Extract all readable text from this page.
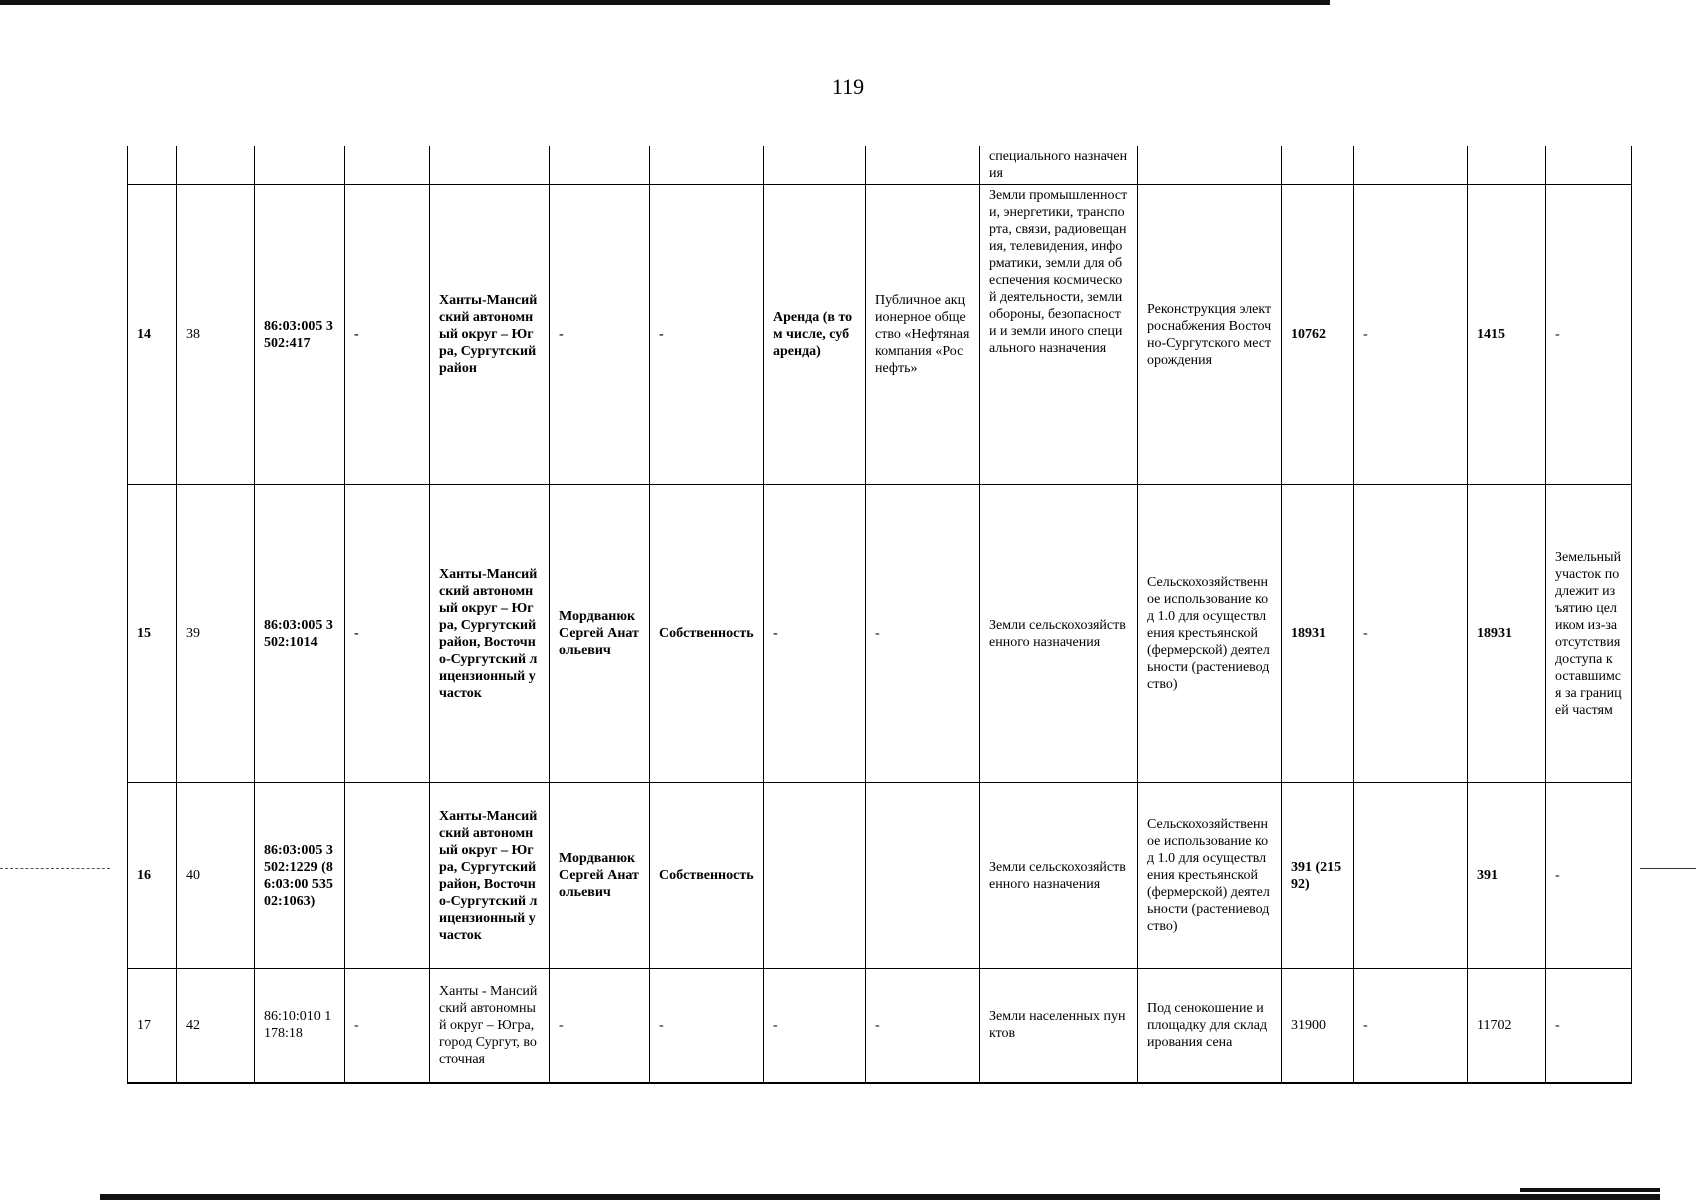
119
									специального назначения					
14	38	86:03:005 3502:417	-	Ханты-Мансийский автономный округ – Югра, Сургутский район	-	-	Аренда (в том числе, субаренда)	Публичное акционерное общество «Нефтяная компания «Роснефть»	Земли промышленности, энергетики, транспорта, связи, радиовещания, телевидения, информатики, земли для обеспечения космической деятельности, земли обороны, безопасности и земли иного специального назначения	Реконструкция электроснабжения Восточно-Сургутского месторождения	10762	-	1415	-
15	39	86:03:005 3502:1014	-	Ханты-Мансийский автономный округ – Югра, Сургутский район, Восточно-Сургутский лицензионный участок	Мордванюк Сергей Анатольевич	Собственность	-	-	Земли сельскохозяйственного назначения	Сельскохозяйственное использование код 1.0 для осуществления крестьянской (фермерской) деятельности (растениеводство)	18931	-	18931	Земельный участок подлежит изъятию целиком из-за отсутствия доступа к оставшимся за границей частям
16	40	86:03:005 3502:1229 (86:03:00 53502:1063)		Ханты-Мансийский автономный округ – Югра, Сургутский район, Восточно-Сургутский лицензионный участок	Мордванюк Сергей Анатольевич	Собственность			Земли сельскохозяйственного назначения	Сельскохозяйственное использование код 1.0 для осуществления крестьянской (фермерской) деятельности (растениеводство)	391 (21592)		391	-
17	42	86:10:010 1178:18	-	Ханты - Мансийский автономный округ – Югра, город Сургут, восточная	-	-	-	-	Земли населенных пунктов	Под сенокошение и площадку для складирования сена	31900	-	11702	-
